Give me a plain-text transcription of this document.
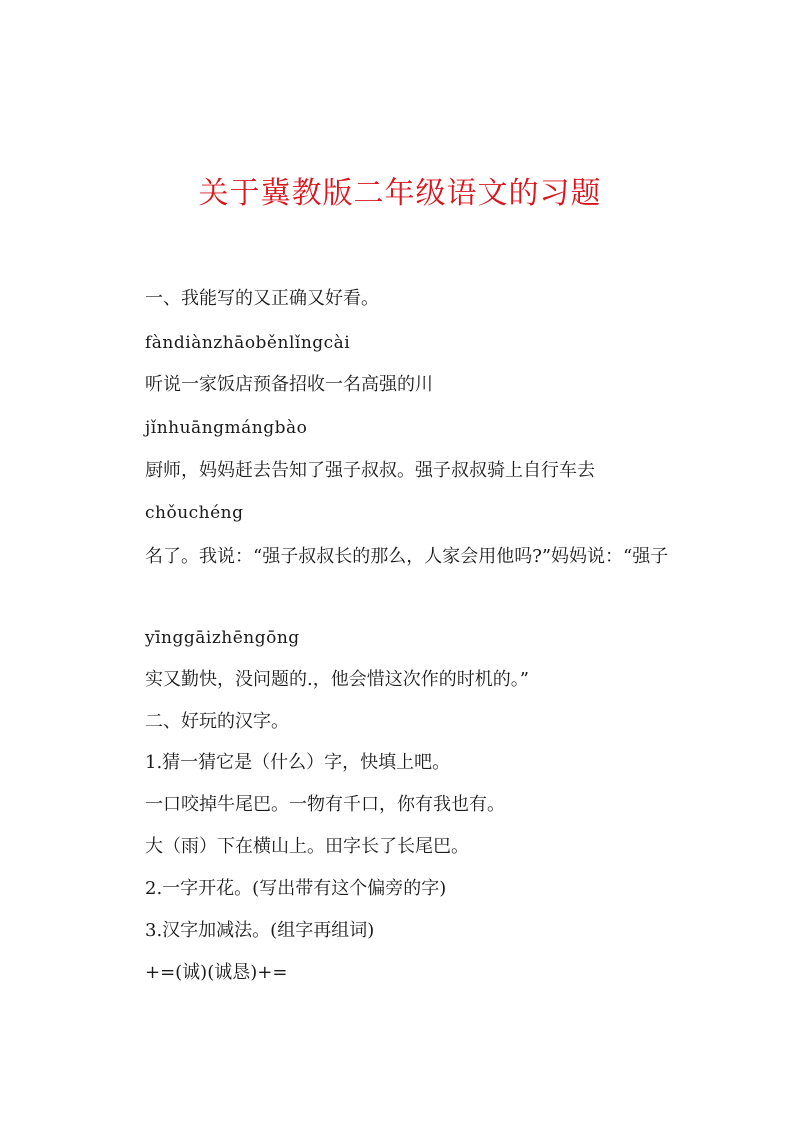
关于冀教版二年级语文的习题

一、我能写的又正确又好看。

fàndiànzhāoběnlǐngcài

听说一家饭店预备招收一名高强的川

jǐnhuāngmángbào

厨师，妈妈赶去告知了强子叔叔。强子叔叔骑上自行车去

chǒuchéng

名了。我说：“强子叔叔长的那么，人家会用他吗?”妈妈说：“强子

yīnggāizhēngōng

实又勤快，没问题的.，他会惜这次作的时机的。”

二、好玩的汉字。

1.猜一猜它是（什么）字，快填上吧。

一口咬掉牛尾巴。一物有千口，你有我也有。

大（雨）下在横山上。田字长了长尾巴。

2.一字开花。(写出带有这个偏旁的字)

3.汉字加减法。(组字再组词)

+=(诚)(诚恳)+=
